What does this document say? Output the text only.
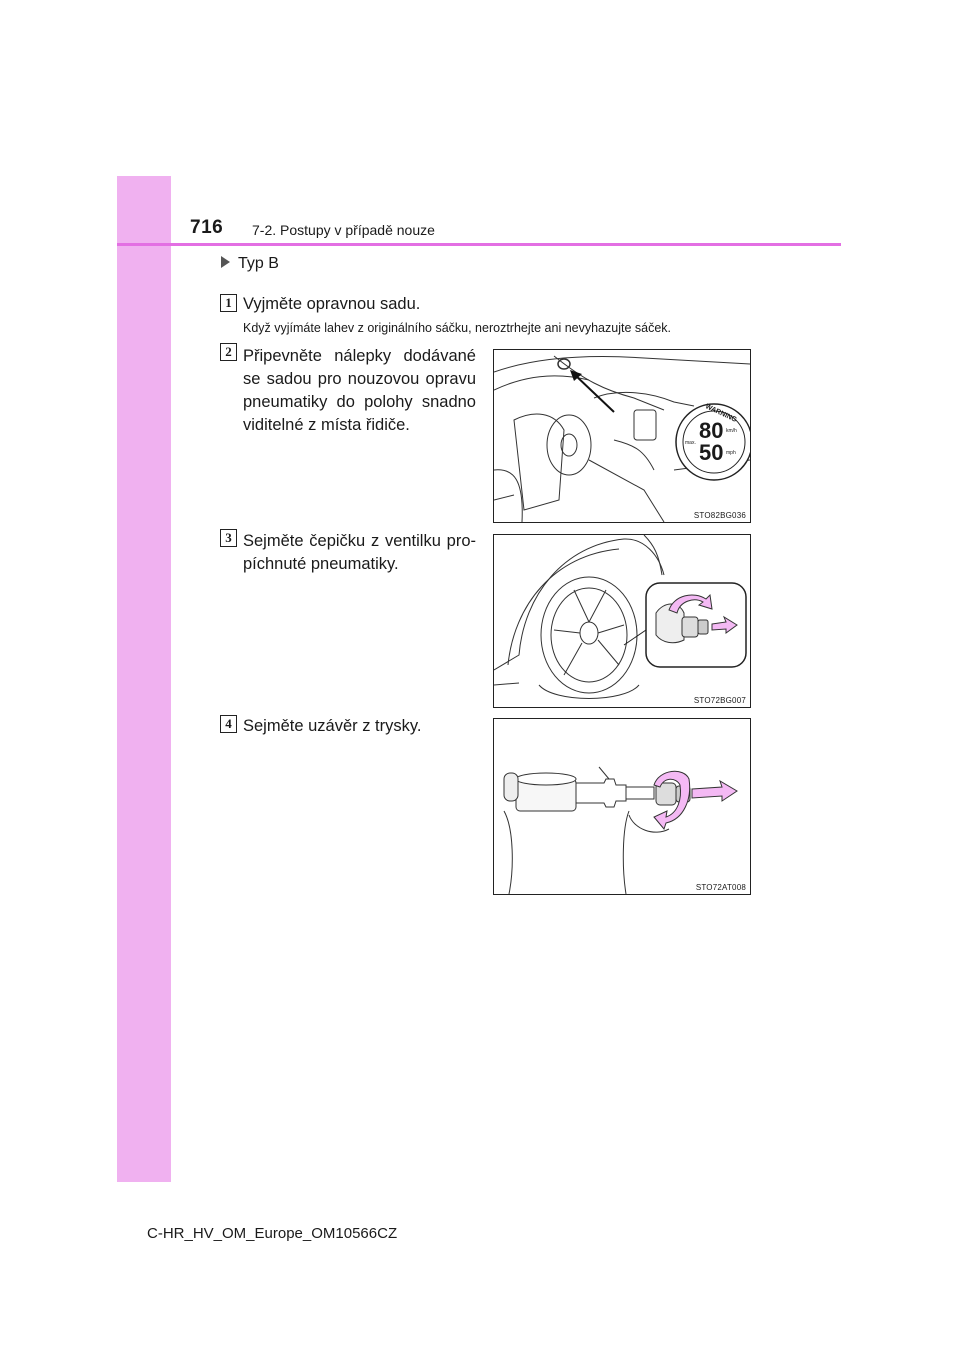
716 7-2. Postupy v případě nouze
Typ B
1 Vyjměte opravnou sadu.
Když vyjímáte lahev z originálního sáčku, neroztrhejte ani nevyhazujte sáček.
2 Připevněte nálepky dodávané se sadou pro nouzovou opravu pneumatiky do polohy snadno viditelné z místa řidiče.
WARNING
80
50
km/h
mph
max.
STO82BG036
3 Sejměte čepičku z ventilku pro-píchnuté pneumatiky.
STO72BG007
4 Sejměte uzávěr z trysky.
STO72AT008
C-HR_HV_OM_Europe_OM10566CZ
